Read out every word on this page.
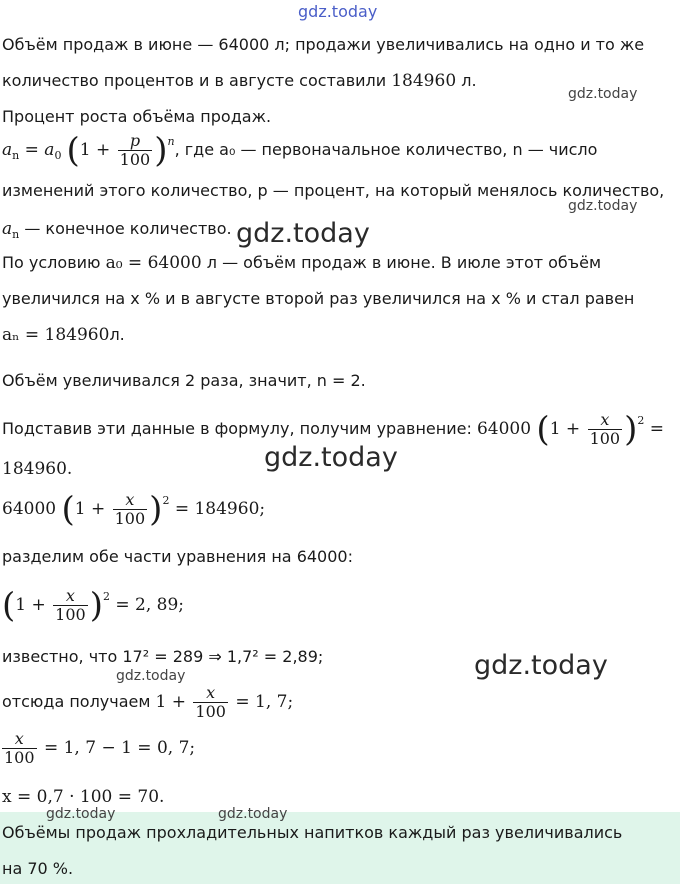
gdz.today
gdz.today
gdz.today
gdz.today
gdz.today
gdz.today
gdz.today
gdz.today	gdz.today
Объём продаж в июне — 64000 л; продажи увеличивались на одно и то же
количество процентов и в августе составили 184960 л.
Процент роста объёма продаж.
$a_n = a_0$ $(1 + \frac{p}{100} )^n$, где a₀ — первоначальное количество, n — число
изменений этого количество, p — процент, на который менялось количество,
$a_n$ — конечное количество.
По условию a₀ = 64000 л — объём продаж в июне. В июле этот объём
увеличился на x % и в августе второй раз увеличился на x % и стал равен
aₙ = 184960л.
Объём увеличивался 2 раза, значит, n = 2.
Подставив эти данные в формулу, получим уравнение: 64000 $(1 + \frac{x}{100} )^2$ =
184960.
64000 $(1 + \frac{x}{100} )^2 = 184960$;
разделим обе части уравнения на 64000:
$(1 + \frac{x}{100} )^2 = 2$, 89;
известно, что 17² = 289 ⇒ 1,7² = 2,89;
отсюда получаем $1 + \frac{x}{100} = 1$, 7;
$\frac{x}{100} = 1$, 7 − 1 = 0, 7;
x = 0,7 · 100 = 70.
Объёмы продаж прохладительных напитков каждый раз увеличивались
на 70 %.
